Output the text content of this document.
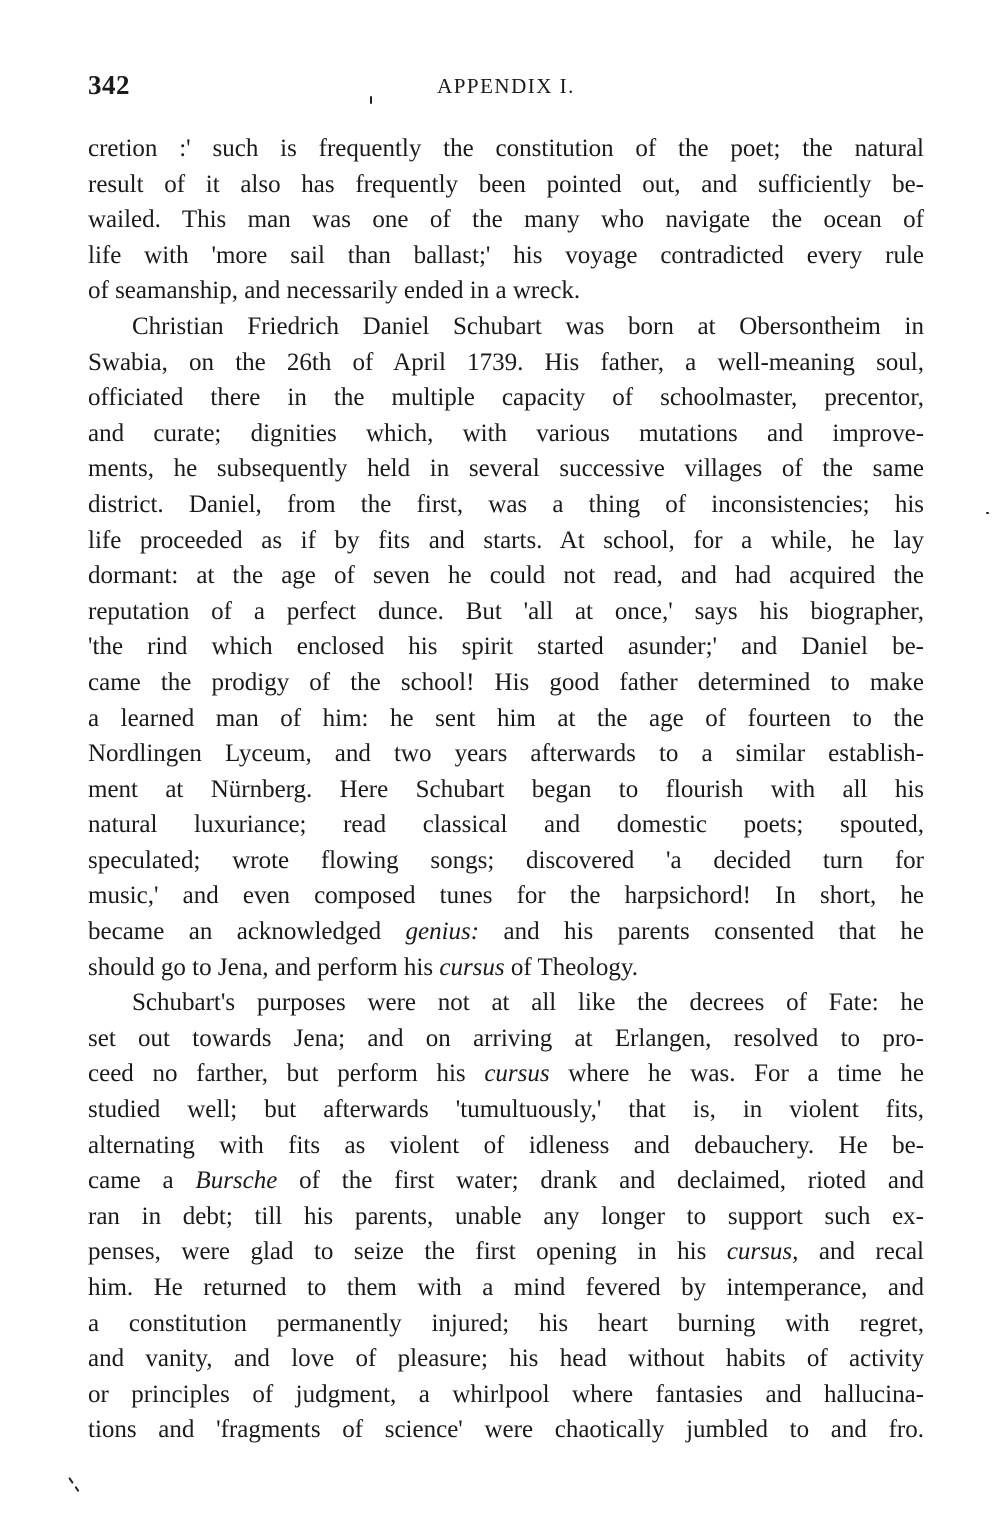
342	APPENDIX I.
cretion :' such is frequently the constitution of the poet; the natural
result of it also has frequently been pointed out, and sufficiently be-
wailed. This man was one of the many who navigate the ocean of
life with 'more sail than ballast;' his voyage contradicted every rule
of seamanship, and necessarily ended in a wreck.
Christian Friedrich Daniel Schubart was born at Obersontheim in
Swabia, on the 26th of April 1739. His father, a well-meaning soul,
officiated there in the multiple capacity of schoolmaster, precentor,
and curate; dignities which, with various mutations and improve-
ments, he subsequently held in several successive villages of the same
district. Daniel, from the first, was a thing of inconsistencies; his
life proceeded as if by fits and starts. At school, for a while, he lay
dormant: at the age of seven he could not read, and had acquired the
reputation of a perfect dunce. But 'all at once,' says his biographer,
'the rind which enclosed his spirit started asunder;' and Daniel be-
came the prodigy of the school! His good father determined to make
a learned man of him: he sent him at the age of fourteen to the
Nordlingen Lyceum, and two years afterwards to a similar establish-
ment at Nürnberg. Here Schubart began to flourish with all his
natural luxuriance; read classical and domestic poets; spouted,
speculated; wrote flowing songs; discovered 'a decided turn for
music,' and even composed tunes for the harpsichord! In short, he
became an acknowledged genius: and his parents consented that he
should go to Jena, and perform his cursus of Theology.
Schubart's purposes were not at all like the decrees of Fate: he
set out towards Jena; and on arriving at Erlangen, resolved to pro-
ceed no farther, but perform his cursus where he was. For a time he
studied well; but afterwards 'tumultuously,' that is, in violent fits,
alternating with fits as violent of idleness and debauchery. He be-
came a Bursche of the first water; drank and declaimed, rioted and
ran in debt; till his parents, unable any longer to support such ex-
penses, were glad to seize the first opening in his cursus, and recal
him. He returned to them with a mind fevered by intemperance, and
a constitution permanently injured; his heart burning with regret,
and vanity, and love of pleasure; his head without habits of activity
or principles of judgment, a whirlpool where fantasies and hallucina-
tions and 'fragments of science' were chaotically jumbled to and fro.
